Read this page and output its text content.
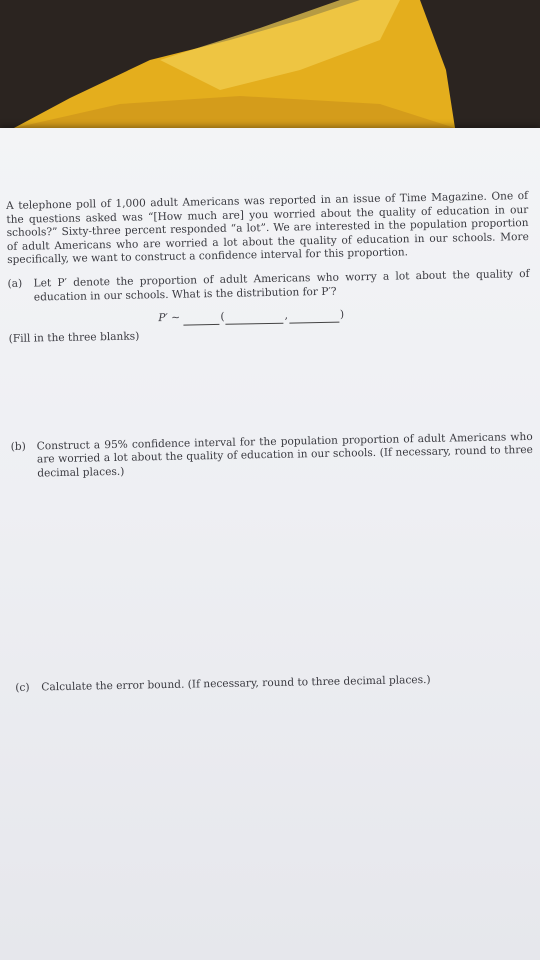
A telephone poll of 1,000 adult Americans was reported in an issue of Time Magazine. One of the questions asked was “[How much are] you worried about the quality of education in our schools?” Sixty-three percent responded “a lot”. We are interested in the population proportion of adult Americans who are worried a lot about the quality of education in our schools. More specifically, we want to construct a confidence interval for this proportion.

(a) Let P′ denote the proportion of adult Americans who worry a lot about the quality of education in our schools. What is the distribution for P′?
P′ ~	(	,	)
(Fill in the three blanks)
(b) Construct a 95% confidence interval for the population proportion of adult Americans who are worried a lot about the quality of education in our schools. (If necessary, round to three decimal places.)
(c) Calculate the error bound. (If necessary, round to three decimal places.)
